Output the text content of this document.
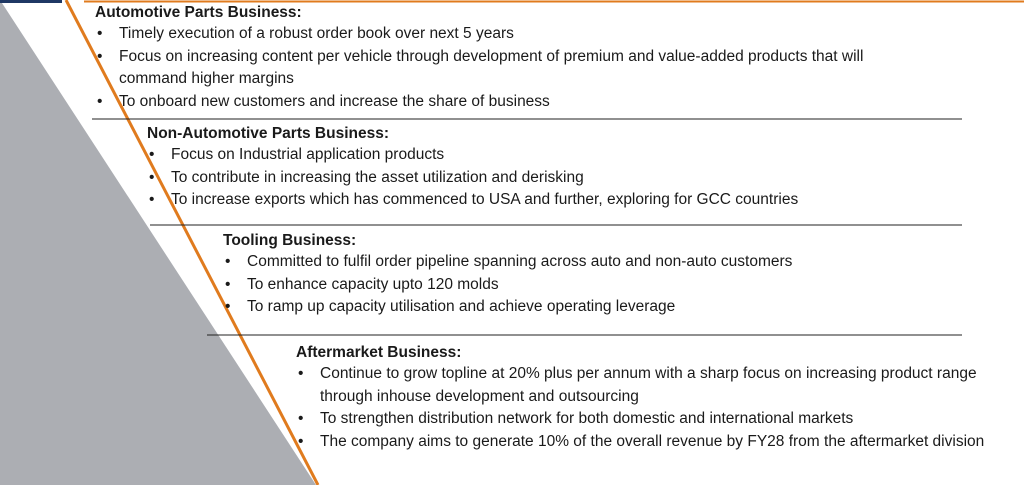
Automotive Parts Business:
• Timely execution of a robust order book over next 5 years
• Focus on increasing content per vehicle through development of premium and value-added products that will command higher margins
• To onboard new customers and increase the share of business
Non-Automotive Parts Business:
• Focus on Industrial application products
• To contribute in increasing the asset utilization and derisking
• To increase exports which has commenced to USA and further, exploring for GCC countries
Tooling Business:
• Committed to fulfil order pipeline spanning across auto and non-auto customers
• To enhance capacity upto 120 molds
• To ramp up capacity utilisation and achieve operating leverage
Aftermarket Business:
• Continue to grow topline at 20% plus per annum with a sharp focus on increasing product range through inhouse development and outsourcing
• To strengthen distribution network for both domestic and international markets
• The company aims to generate 10% of the overall revenue by FY28 from the aftermarket division
